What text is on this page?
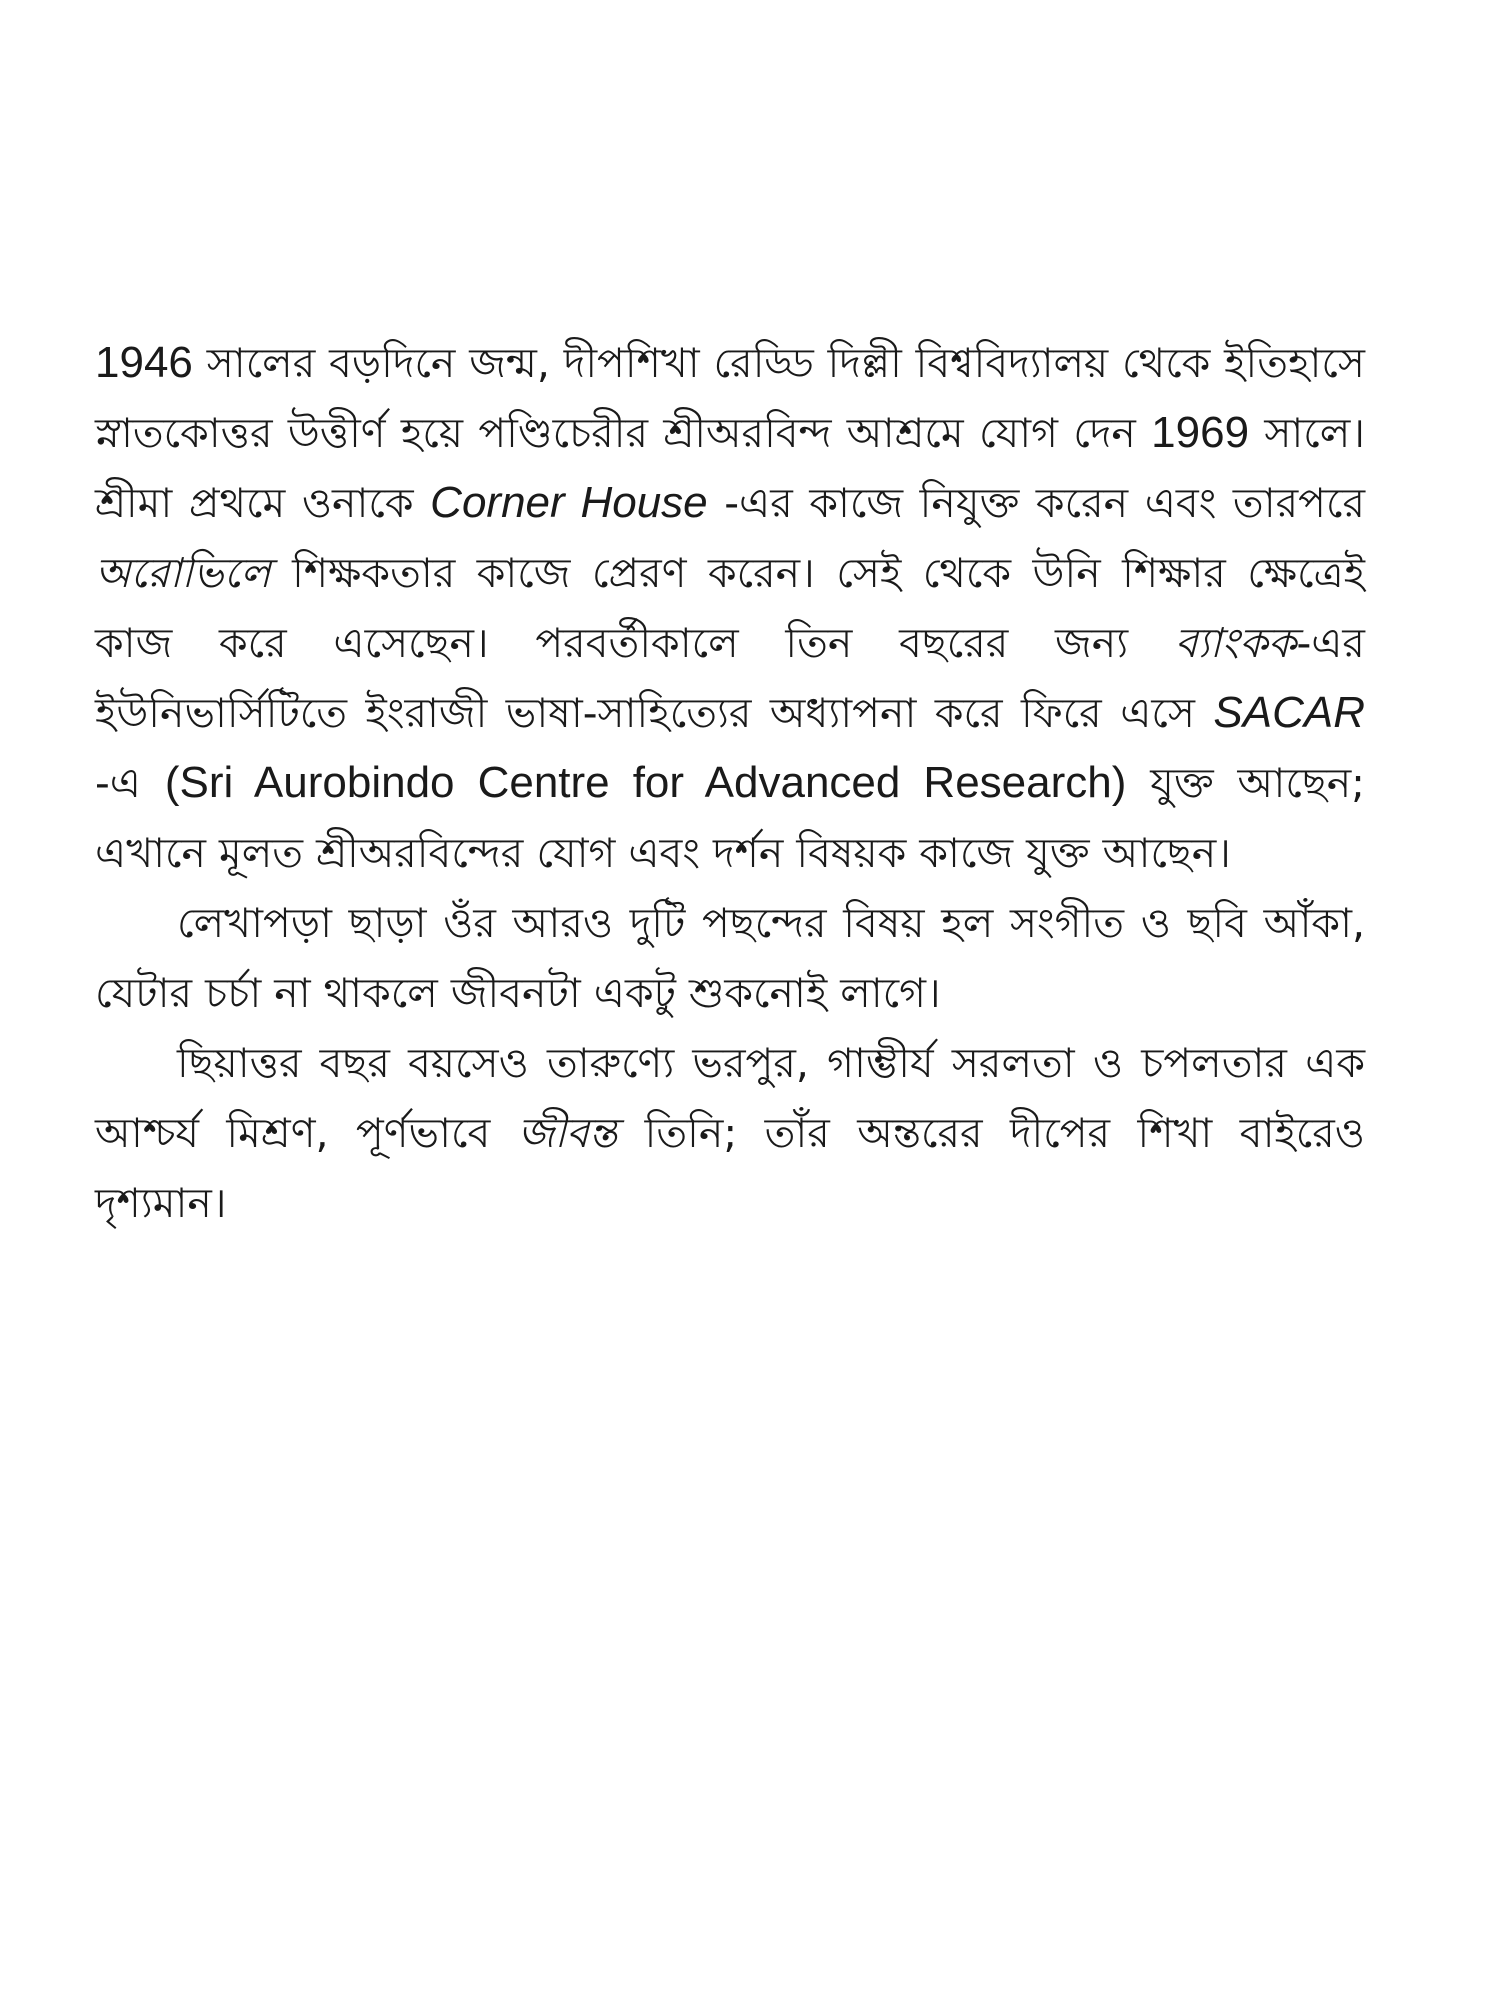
1946 সালের বড়দিনে জন্ম, দীপশিখা রেড্ডি দিল্লী বিশ্ববিদ্যালয় থেকে ইতিহাসে স্নাতকোত্তর উত্তীর্ণ হয়ে পণ্ডিচেরীর শ্রীঅরবিন্দ আশ্রমে যোগ দেন 1969 সালে। শ্রীমা প্রথমে ওনাকে Corner House -এর কাজে নিযুক্ত করেন এবং তারপরে অরোভিলে শিক্ষকতার কাজে প্রেরণ করেন। সেই থেকে উনি শিক্ষার ক্ষেত্রেই কাজ করে এসেছেন। পরবর্তীকালে তিন বছরের জন্য ব্যাংকক-এর ইউনিভার্সিটিতে ইংরাজী ভাষা-সাহিত্যের অধ্যাপনা করে ফিরে এসে SACAR -এ (Sri Aurobindo Centre for Advanced Research) যুক্ত আছেন; এখানে মূলত শ্রীঅরবিন্দের যোগ এবং দর্শন বিষয়ক কাজে যুক্ত আছেন।

লেখাপড়া ছাড়া ওঁর আরও দুটি পছন্দের বিষয় হল সংগীত ও ছবি আঁকা, যেটার চর্চা না থাকলে জীবনটা একটু শুকনোই লাগে।

ছিয়াত্তর বছর বয়সেও তারুণ্যে ভরপুর, গাম্ভীর্য সরলতা ও চপলতার এক আশ্চর্য মিশ্রণ, পূর্ণভাবে জীবন্ত তিনি; তাঁর অন্তরের দীপের শিখা বাইরেও দৃশ্যমান।
